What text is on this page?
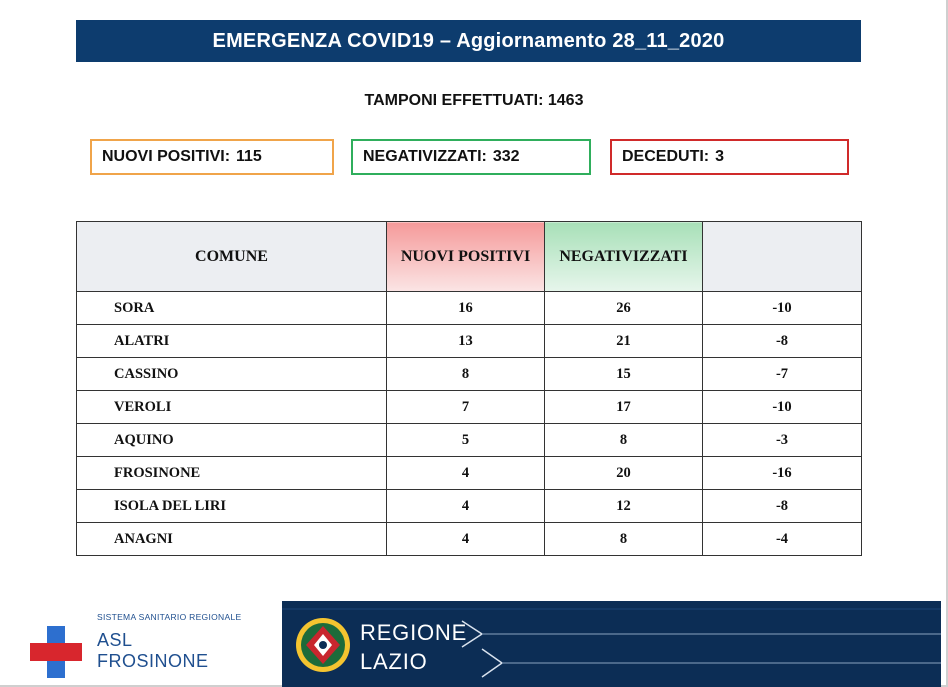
EMERGENZA COVID19 – Aggiornamento 28_11_2020
TAMPONI EFFETTUATI: 1463
NUOVI POSITIVI: 115	NEGATIVIZZATI: 332	DECEDUTI: 3
COMUNE	NUOVI POSITIVI	NEGATIVIZZATI	
SORA	16	26	-10
ALATRI	13	21	-8
CASSINO	8	15	-7
VEROLI	7	17	-10
AQUINO	5	8	-3
FROSINONE	4	20	-16
ISOLA DEL LIRI	4	12	-8
ANAGNI	4	8	-4
SISTEMA SANITARIO REGIONALE
ASL
FROSINONE
REGIONE
LAZIO
